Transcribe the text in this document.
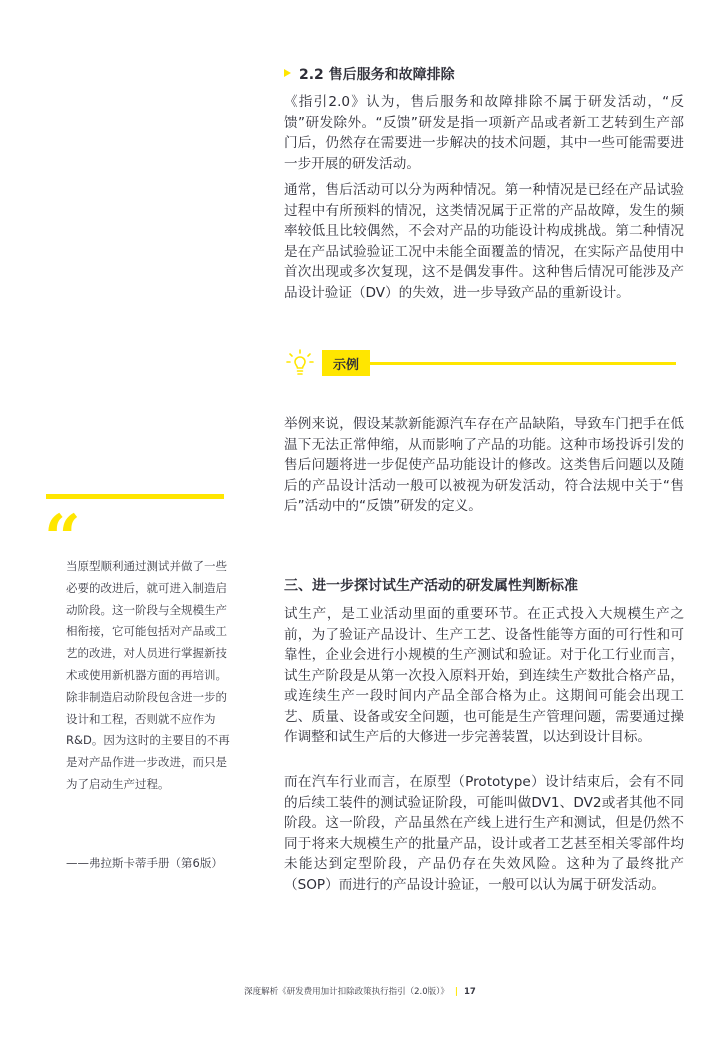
2.2 售后服务和故障排除

《指引2.0》认为，售后服务和故障排除不属于研发活动，“反馈”研发除外。“反馈”研发是指一项新产品或者新工艺转到生产部门后，仍然存在需要进一步解决的技术问题，其中一些可能需要进一步开展的研发活动。

通常，售后活动可以分为两种情况。第一种情况是已经在产品试验过程中有所预料的情况，这类情况属于正常的产品故障，发生的频率较低且比较偶然，不会对产品的功能设计构成挑战。第二种情况是在产品试验验证工况中未能全面覆盖的情况，在实际产品使用中首次出现或多次复现，这不是偶发事件。这种售后情况可能涉及产品设计验证（DV）的失效，进一步导致产品的重新设计。

示例

举例来说，假设某款新能源汽车存在产品缺陷，导致车门把手在低温下无法正常伸缩，从而影响了产品的功能。这种市场投诉引发的售后问题将进一步促使产品功能设计的修改。这类售后问题以及随后的产品设计活动一般可以被视为研发活动，符合法规中关于“售后”活动中的“反馈”研发的定义。

“

当原型顺利通过测试并做了一些必要的改进后，就可进入制造启动阶段。这一阶段与全规模生产相衔接，它可能包括对产品或工艺的改进，对人员进行掌握新技术或使用新机器方面的再培训。除非制造启动阶段包含进一步的设计和工程，否则就不应作为R&D。因为这时的主要目的不再是对产品作进一步改进，而只是为了启动生产过程。

——弗拉斯卡蒂手册（第6版）
三、进一步探讨试生产活动的研发属性判断标准

试生产，是工业活动里面的重要环节。在正式投入大规模生产之前，为了验证产品设计、生产工艺、设备性能等方面的可行性和可靠性，企业会进行小规模的生产测试和验证。对于化工行业而言，试生产阶段是从第一次投入原料开始，到连续生产数批合格产品，或连续生产一段时间内产品全部合格为止。这期间可能会出现工艺、质量、设备或安全问题，也可能是生产管理问题，需要通过操作调整和试生产后的大修进一步完善装置，以达到设计目标。

而在汽车行业而言，在原型（Prototype）设计结束后，会有不同的后续工装件的测试验证阶段，可能叫做DV1、DV2或者其他不同阶段。这一阶段，产品虽然在产线上进行生产和测试，但是仍然不同于将来大规模生产的批量产品，设计或者工艺甚至相关零部件均未能达到定型阶段，产品仍存在失效风险。这种为了最终批产（SOP）而进行的产品设计验证，一般可以认为属于研发活动。

深度解析《研发费用加计扣除政策执行指引（2.0版）》 | 17
